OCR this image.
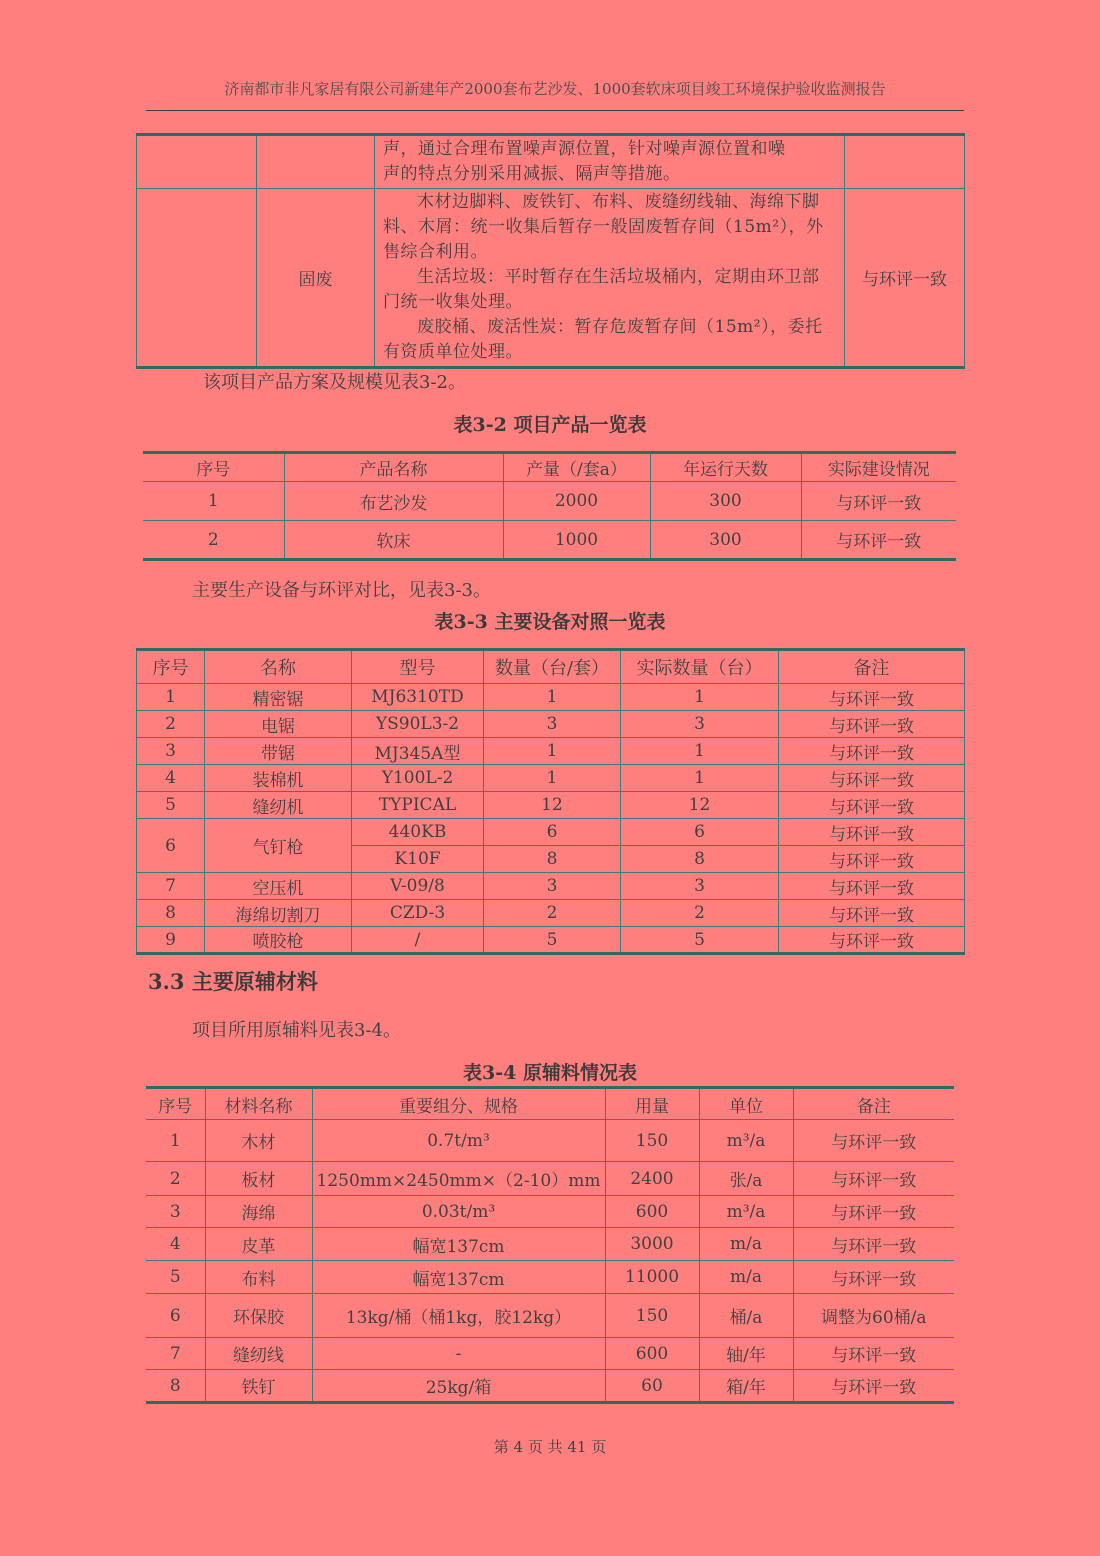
济南都市非凡家居有限公司新建年产2000套布艺沙发、1000套软床项目竣工环境保护验收监测报告

		声，通过合理布置噪声源位置，针对噪声源位置和噪
声的特点分别采用减振、隔声等措施。	

	固废	木材边脚料、废铁钉、布料、废缝纫线轴、海绵下脚料、木屑：统一收集后暂存一般固废暂存间（15m²），外售综合利用。
生活垃圾：平时暂存在生活垃圾桶内，定期由环卫部门统一收集处理。
废胶桶、废活性炭：暂存危废暂存间（15m²），委托有资质单位处理。	与环评一致
该项目产品方案及规模见表3-2。
表3-2 项目产品一览表
序号	产品名称	产量（/套a）	年运行天数	实际建设情况
1	布艺沙发	2000	300	与环评一致
2	软床	1000	300	与环评一致
主要生产设备与环评对比，见表3-3。
表3-3 主要设备对照一览表
序号	名称	型号	数量（台/套）	实际数量（台）	备注
1	精密锯	MJ6310TD	1	1	与环评一致
2	电锯	YS90L3-2	3	3	与环评一致
3	带锯	MJ345A型	1	1	与环评一致
4	装棉机	Y100L-2	1	1	与环评一致
5	缝纫机	TYPICAL	12	12	与环评一致
6	气钉枪	440KB	6	6	与环评一致
		K10F	8	8	与环评一致
7	空压机	V-09/8	3	3	与环评一致
8	海绵切割刀	CZD-3	2	2	与环评一致
9	喷胶枪	/	5	5	与环评一致
3.3 主要原辅材料
项目所用原辅料见表3-4。
表3-4 原辅料情况表
序号	材料名称	重要组分、规格	用量	单位	备注
1	木材	0.7t/m³	150	m³/a	与环评一致
2	板材	1250mm×2450mm×（2-10）mm	2400	张/a	与环评一致
3	海绵	0.03t/m³	600	m³/a	与环评一致
4	皮革	幅宽137cm	3000	m/a	与环评一致
5	布料	幅宽137cm	11000	m/a	与环评一致
6	环保胶	13kg/桶（桶1kg，胶12kg）	150	桶/a	调整为60桶/a
7	缝纫线	-	600	轴/年	与环评一致
8	铁钉	25kg/箱	60	箱/年	与环评一致
第 4 页 共 41 页
